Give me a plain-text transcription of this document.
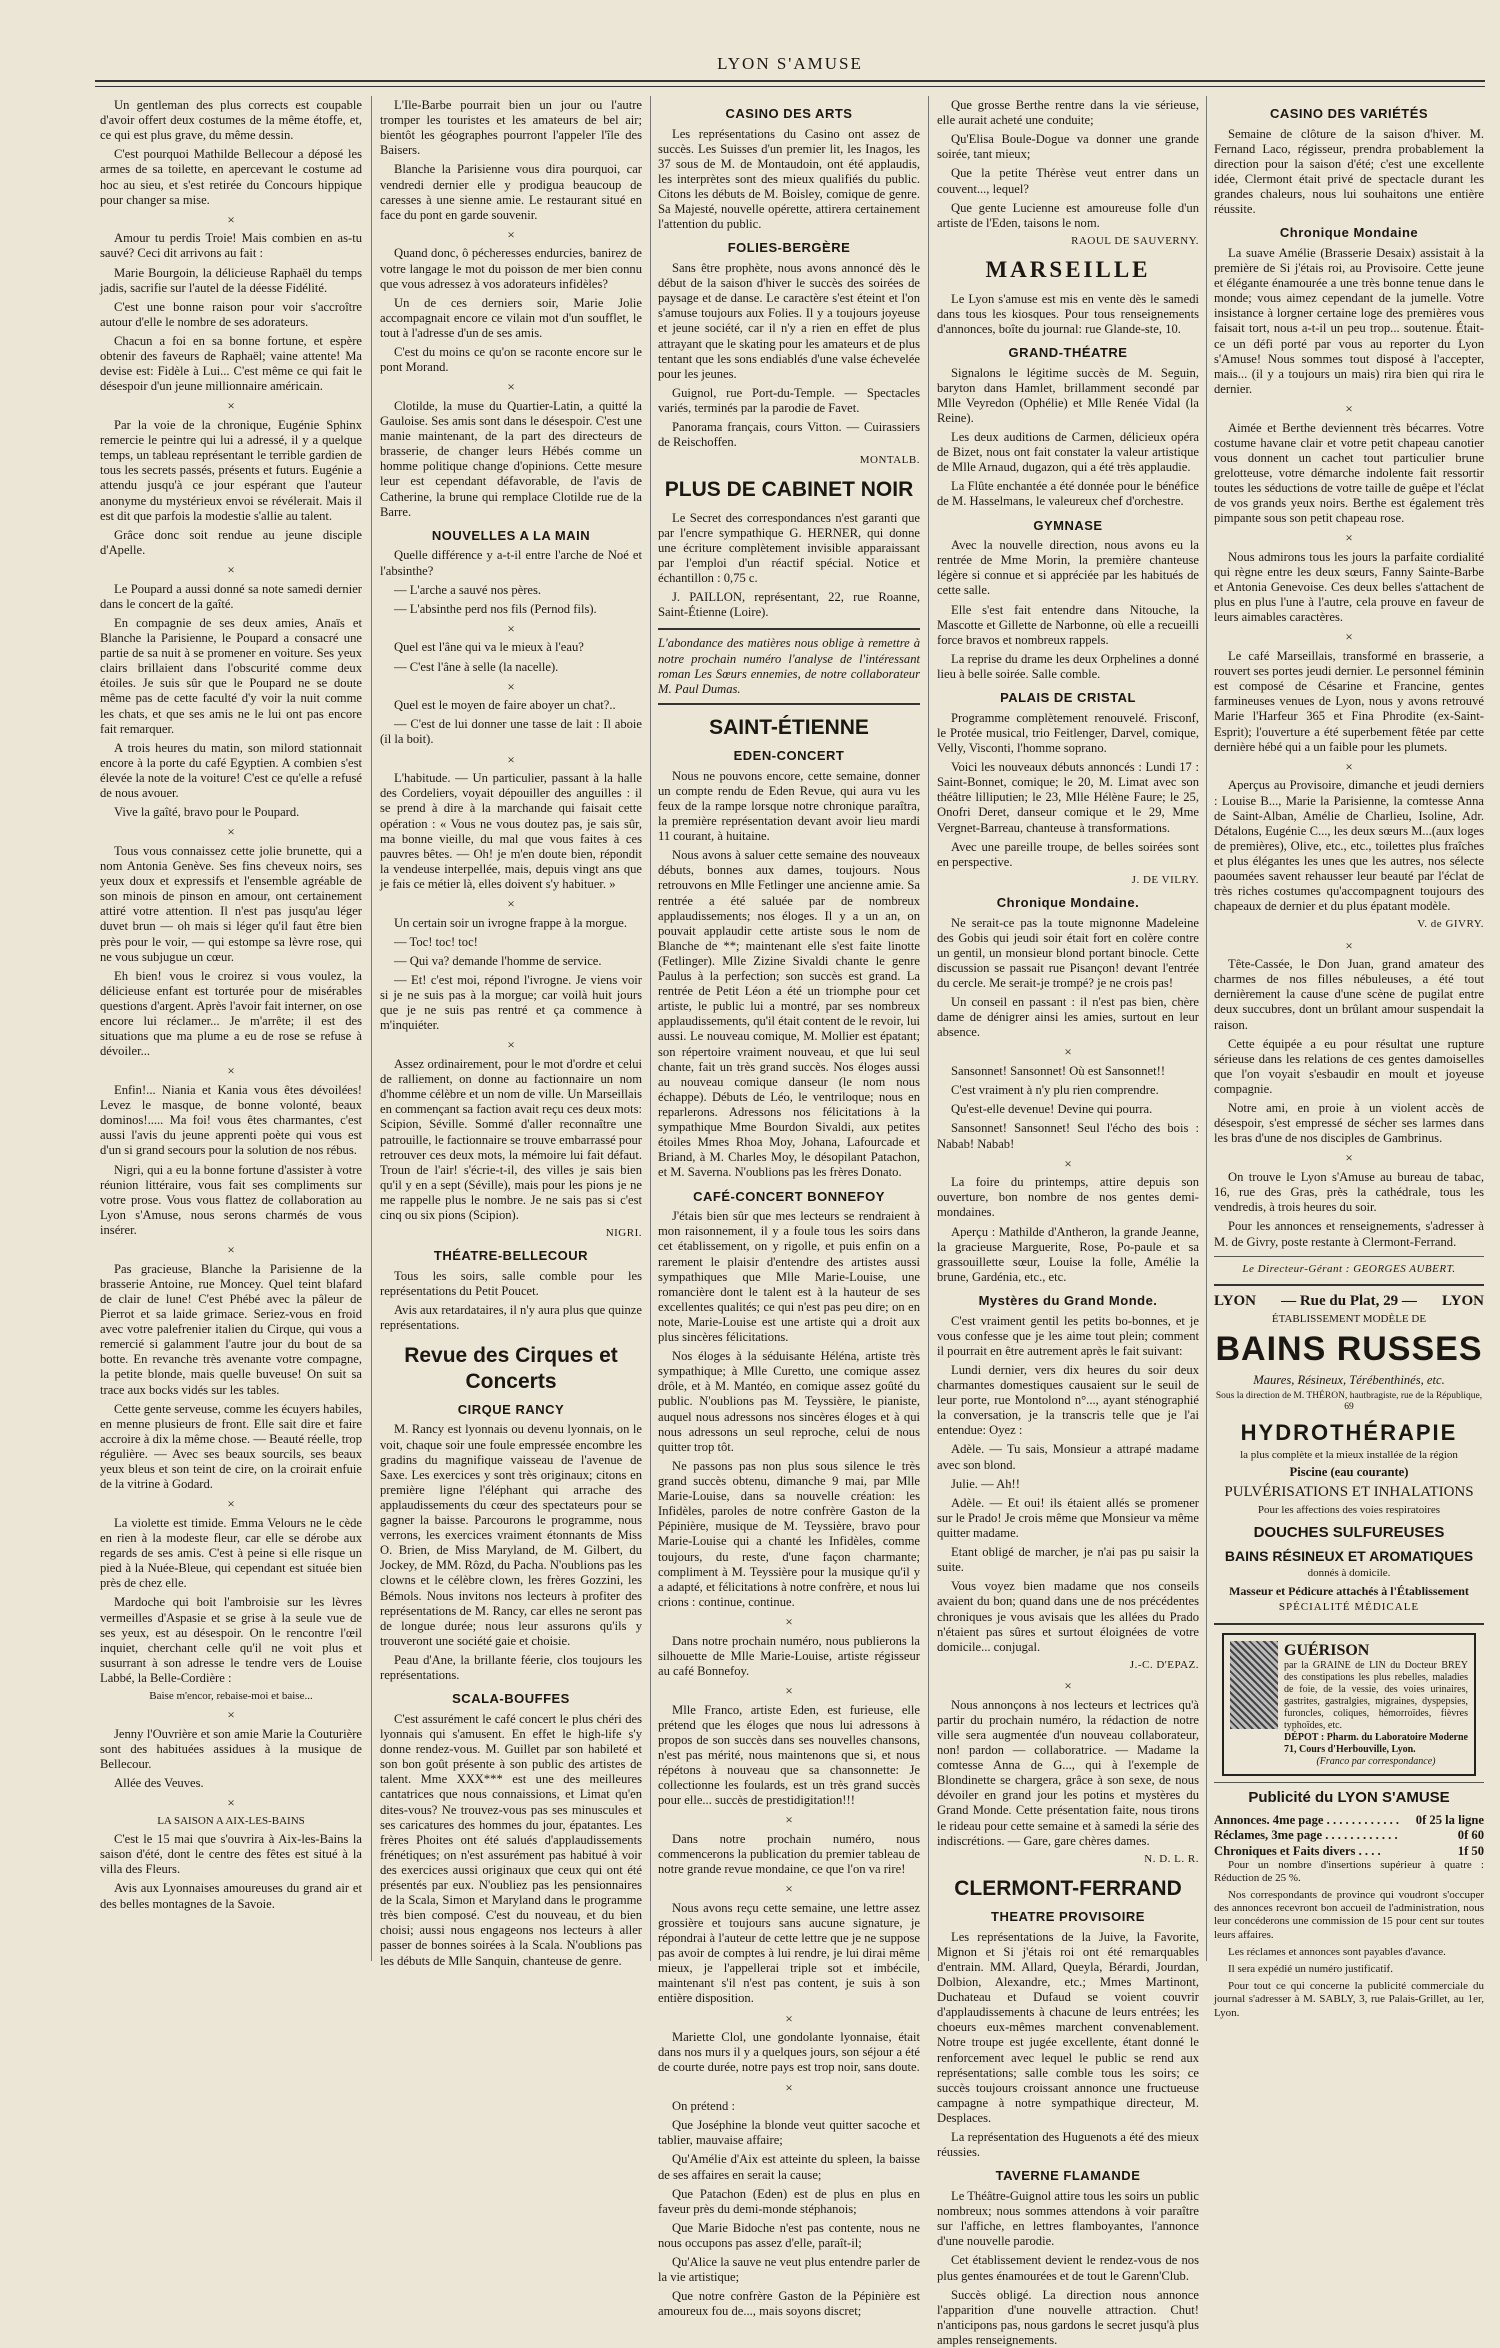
LYON S'AMUSE

Un gentleman des plus corrects est coupable d'avoir offert deux costumes de la même étoffe, et, ce qui est plus grave, du même dessin.

C'est pourquoi Mathilde Bellecour a déposé les armes de sa toilette, en apercevant le costume ad hoc au sieu, et s'est retirée du Concours hippique pour changer sa mise.

×

Amour tu perdis Troie! Mais combien en as-tu sauvé? Ceci dit arrivons au fait :

Marie Bourgoin, la délicieuse Raphaël du temps jadis, sacrifie sur l'autel de la déesse Fidélité.

C'est une bonne raison pour voir s'accroître autour d'elle le nombre de ses adorateurs.

Chacun a foi en sa bonne fortune, et espère obtenir des faveurs de Raphaël; vaine attente! Ma devise est: Fidèle à Lui... C'est même ce qui fait le désespoir d'un jeune millionnaire américain.

×

Par la voie de la chronique, Eugénie Sphinx remercie le peintre qui lui a adressé, il y a quelque temps, un tableau représentant le terrible gardien de tous les secrets passés, présents et futurs. Eugénie a attendu jusqu'à ce jour espérant que l'auteur anonyme du mystérieux envoi se révélerait. Mais il est dit que parfois la modestie s'allie au talent.

Grâce donc soit rendue au jeune disciple d'Apelle.

×

Le Poupard a aussi donné sa note samedi dernier dans le concert de la gaîté.

En compagnie de ses deux amies, Anaïs et Blanche la Parisienne, le Poupard a consacré une partie de sa nuit à se promener en voiture. Ses yeux clairs brillaient dans l'obscurité comme deux étoiles. Je suis sûr que le Poupard ne se doute même pas de cette faculté d'y voir la nuit comme les chats, et que ses amis ne le lui ont pas encore fait remarquer.

A trois heures du matin, son milord stationnait encore à la porte du café Egyptien. A combien s'est élevée la note de la voiture! C'est ce qu'elle a refusé de nous avouer.

Vive la gaîté, bravo pour le Poupard.

×

Tous vous connaissez cette jolie brunette, qui a nom Antonia Genève. Ses fins cheveux noirs, ses yeux doux et expressifs et l'ensemble agréable de son minois de pinson en amour, ont certainement attiré votre attention. Il n'est pas jusqu'au léger duvet brun — oh mais si léger qu'il faut être bien près pour le voir, — qui estompe sa lèvre rose, qui ne vous subjugue un cœur.

Eh bien! vous le croirez si vous voulez, la délicieuse enfant est torturée pour de misérables questions d'argent. Après l'avoir fait interner, on ose encore lui réclamer... Je m'arrête; il est des situations que ma plume a eu de rose se refuse à dévoiler...

×

Enfin!... Niania et Kania vous êtes dévoilées! Levez le masque, de bonne volonté, beaux dominos!..... Ma foi! vous êtes charmantes, c'est aussi l'avis du jeune apprenti poète qui vous est d'un si grand secours pour la solution de nos rébus.

Nigri, qui a eu la bonne fortune d'assister à votre réunion littéraire, vous fait ses compliments sur votre prose. Vous vous flattez de collaboration au Lyon s'Amuse, nous serons charmés de vous insérer.

×

Pas gracieuse, Blanche la Parisienne de la brasserie Antoine, rue Moncey. Quel teint blafard de clair de lune! C'est Phébé avec la pâleur de Pierrot et sa laide grimace. Seriez-vous en froid avec votre palefrenier italien du Cirque, qui vous a remercié si galamment l'autre jour du bout de sa botte. En revanche très avenante votre compagne, la petite blonde, mais quelle buveuse! On suit sa trace aux bocks vidés sur les tables.

Cette gente serveuse, comme les écuyers habiles, en menne plusieurs de front. Elle sait dire et faire accroire à dix la même chose. — Beauté réelle, trop régulière. — Avec ses beaux sourcils, ses beaux yeux bleus et son teint de cire, on la croirait enfuie de la vitrine à Godard.

×

La violette est timide. Emma Velours ne le cède en rien à la modeste fleur, car elle se dérobe aux regards de ses amis. C'est à peine si elle risque un pied à la Nuée-Bleue, qui cependant est située bien près de chez elle.

Mardoche qui boit l'ambroisie sur les lèvres vermeilles d'Aspasie et se grise à la seule vue de ses yeux, est au désespoir. On le rencontre l'œil inquiet, cherchant celle qu'il ne voit plus et susurrant à son adresse le tendre vers de Louise Labbé, la Belle-Cordière :

Baise m'encor, rebaise-moi et baise...
×

Jenny l'Ouvrière et son amie Marie la Couturière sont des habituées assidues à la musique de Bellecour.

Allée des Veuves.

×
LA SAISON A AIX-LES-BAINS

C'est le 15 mai que s'ouvrira à Aix-les-Bains la saison d'été, dont le centre des fêtes est situé à la villa des Fleurs.

Avis aux Lyonnaises amoureuses du grand air et des belles montagnes de la Savoie.

L'Ile-Barbe pourrait bien un jour ou l'autre tromper les touristes et les amateurs de bel air; bientôt les géographes pourront l'appeler l'île des Baisers.

Blanche la Parisienne vous dira pourquoi, car vendredi dernier elle y prodigua beaucoup de caresses à une sienne amie. Le restaurant situé en face du pont en garde souvenir.

×

Quand donc, ô pécheresses endurcies, banirez de votre langage le mot du poisson de mer bien connu que vous adressez à vos adorateurs infidèles?

Un de ces derniers soir, Marie Jolie accompagnait encore ce vilain mot d'un soufflet, le tout à l'adresse d'un de ses amis.

C'est du moins ce qu'on se raconte encore sur le pont Morand.

×

Clotilde, la muse du Quartier-Latin, a quitté la Gauloise. Ses amis sont dans le désespoir. C'est une manie maintenant, de la part des directeurs de brasserie, de changer leurs Hébés comme un homme politique change d'opinions. Cette mesure leur est cependant défavorable, de l'avis de Catherine, la brune qui remplace Clotilde rue de la Barre.

NOUVELLES A LA MAIN

Quelle différence y a-t-il entre l'arche de Noé et l'absinthe?

— L'arche a sauvé nos pères.

— L'absinthe perd nos fils (Pernod fils).

×

Quel est l'âne qui va le mieux à l'eau?

— C'est l'âne à selle (la nacelle).

×

Quel est le moyen de faire aboyer un chat?..

— C'est de lui donner une tasse de lait : Il aboie (il la boit).

×

L'habitude. — Un particulier, passant à la halle des Cordeliers, voyait dépouiller des anguilles : il se prend à dire à la marchande qui faisait cette opération : « Vous ne vous doutez pas, je sais sûr, ma bonne vieille, du mal que vous faites à ces pauvres bêtes. — Oh! je m'en doute bien, répondit la vendeuse interpellée, mais, depuis vingt ans que je fais ce métier là, elles doivent s'y habituer. »

×

Un certain soir un ivrogne frappe à la morgue.

— Toc! toc! toc!

— Qui va? demande l'homme de service.

— Et! c'est moi, répond l'ivrogne. Je viens voir si je ne suis pas à la morgue; car voilà huit jours que je ne suis pas rentré et ça commence à m'inquiéter.

×

Assez ordinairement, pour le mot d'ordre et celui de ralliement, on donne au factionnaire un nom d'homme célèbre et un nom de ville. Un Marseillais en commençant sa faction avait reçu ces deux mots: Scipion, Séville. Sommé d'aller reconnaître une patrouille, le factionnaire se trouve embarrassé pour retrouver ces deux mots, la mémoire lui fait défaut. Troun de l'air! s'écrie-t-il, des villes je sais bien qu'il y en a sept (Séville), mais pour les pions je ne me rappelle plus le nombre. Je ne sais pas si c'est cinq ou six pions (Scipion).

NIGRI.
THÉATRE-BELLECOUR

Tous les soirs, salle comble pour les représentations du Petit Poucet.

Avis aux retardataires, il n'y aura plus que quinze représentations.

Revue des Cirques et Concerts
CIRQUE RANCY

M. Rancy est lyonnais ou devenu lyonnais, on le voit, chaque soir une foule empressée encombre les gradins du magnifique vaisseau de l'avenue de Saxe. Les exercices y sont très originaux; citons en première ligne l'éléphant qui arrache des applaudissements du cœur des spectateurs pour se gagner la baisse. Parcourons le programme, nous verrons, les exercices vraiment étonnants de Miss O. Brien, de Miss Maryland, de M. Gilbert, du Jockey, de MM. Rôzd, du Pacha. N'oublions pas les clowns et le célèbre clown, les frères Gozzini, les Bémols. Nous invitons nos lecteurs à profiter des représentations de M. Rancy, car elles ne seront pas de longue durée; nous leur assurons qu'ils y trouveront une société gaie et choisie.

Peau d'Ane, la brillante féerie, clos toujours les représentations.

SCALA-BOUFFES

C'est assurément le café concert le plus chéri des lyonnais qui s'amusent. En effet le high-life s'y donne rendez-vous. M. Guillet par son habileté et son bon goût présente à son public des artistes de talent. Mme XXX*** est une des meilleures cantatrices que nous connaissions, et Limat qu'en dites-vous? Ne trouvez-vous pas ses minuscules et ses caricatures des hommes du jour, épatantes. Les frères Phoites ont été salués d'applaudissements frénétiques; on n'est assurément pas habitué à voir des exercices aussi originaux que ceux qui ont été présentés par eux. N'oubliez pas les pensionnaires de la Scala, Simon et Maryland dans le programme très bien composé. C'est du nouveau, et du bien choisi; aussi nous engageons nos lecteurs à aller passer de bonnes soirées à la Scala. N'oublions pas les débuts de Mlle Sanquin, chanteuse de genre.

CASINO DES ARTS

Les représentations du Casino ont assez de succès. Les Suisses d'un premier lit, les Inagos, les 37 sous de M. de Montaudoin, ont été applaudis, les interprètes sont des mieux qualifiés du public. Citons les débuts de M. Boisley, comique de genre. Sa Majesté, nouvelle opérette, attirera certainement l'attention du public.

FOLIES-BERGÈRE

Sans être prophète, nous avons annoncé dès le début de la saison d'hiver le succès des soirées de paysage et de danse. Le caractère s'est éteint et l'on s'amuse toujours aux Folies. Il y a toujours joyeuse et jeune société, car il n'y a rien en effet de plus attrayant que le skating pour les amateurs et de plus tentant que les sons endiablés d'une valse échevelée pour les jeunes.

Guignol, rue Port-du-Temple. — Spectacles variés, terminés par la parodie de Favet.

Panorama français, cours Vitton. — Cuirassiers de Reischoffen.

MONTALB.
PLUS DE CABINET NOIR

Le Secret des correspondances n'est garanti que par l'encre sympathique G. HERNER, qui donne une écriture complètement invisible apparaissant par l'emploi d'un réactif spécial. Notice et échantillon : 0,75 c.

J. PAILLON, représentant, 22, rue Roanne, Saint-Étienne (Loire).

L'abondance des matières nous oblige à remettre à notre prochain numéro l'analyse de l'intéressant roman Les Sœurs ennemies, de notre collaborateur M. Paul Dumas.
SAINT-ÉTIENNE
EDEN-CONCERT

Nous ne pouvons encore, cette semaine, donner un compte rendu de Eden Revue, qui aura vu les feux de la rampe lorsque notre chronique paraîtra, la première représentation devant avoir lieu mardi 11 courant, à huitaine.

Nous avons à saluer cette semaine des nouveaux débuts, bonnes aux dames, toujours. Nous retrouvons en Mlle Fetlinger une ancienne amie. Sa rentrée a été saluée par de nombreux applaudissements; nos éloges. Il y a un an, on pouvait applaudir cette artiste sous le nom de Blanche de **; maintenant elle s'est faite linotte (Fetlinger). Mlle Zizine Sivaldi chante le genre Paulus à la perfection; son succès est grand. La rentrée de Petit Léon a été un triomphe pour cet artiste, le public lui a montré, par ses nombreux applaudissements, qu'il était content de le revoir, lui aussi. Le nouveau comique, M. Mollier est épatant; son répertoire vraiment nouveau, et que lui seul chante, fait un très grand succès. Nos éloges aussi au nouveau comique danseur (le nom nous échappe). Débuts de Léo, le ventriloque; nous en reparlerons. Adressons nos félicitations à la sympathique Mme Bourdon Sivaldi, aux petites étoiles Mmes Rhoa Moy, Johana, Lafourcade et Briand, à M. Charles Moy, le désopilant Patachon, et M. Saverna. N'oublions pas les frères Donato.

CAFÉ-CONCERT BONNEFOY

J'étais bien sûr que mes lecteurs se rendraient à mon raisonnement, il y a foule tous les soirs dans cet établissement, on y rigolle, et puis enfin on a rarement le plaisir d'entendre des artistes aussi sympathiques que Mlle Marie-Louise, une romancière dont le talent est à la hauteur de ses excellentes qualités; ce qui n'est pas peu dire; on en note, Marie-Louise est une artiste qui a droit aux plus sincères félicitations.

Nos éloges à la séduisante Héléna, artiste très sympathique; à Mlle Curetto, une comique assez drôle, et à M. Mantéo, en comique assez goûté du public. N'oublions pas M. Teyssière, le pianiste, auquel nous adressons nos sincères éloges et à qui nous adressons un seul reproche, celui de nous quitter trop tôt.

Ne passons pas non plus sous silence le très grand succès obtenu, dimanche 9 mai, par Mlle Marie-Louise, dans sa nouvelle création: les Infidèles, paroles de notre confrère Gaston de la Pépinière, musique de M. Teyssière, bravo pour Marie-Louise qui a chanté les Infidèles, comme toujours, du reste, d'une façon charmante; compliment à M. Teyssière pour la musique qu'il y a adapté, et félicitations à notre confrère, et nous lui crions : continue, continue.

×

Dans notre prochain numéro, nous publierons la silhouette de Mlle Marie-Louise, artiste régisseur au café Bonnefoy.

×

Mlle Franco, artiste Eden, est furieuse, elle prétend que les éloges que nous lui adressons à propos de son succès dans ses nouvelles chansons, n'est pas mérité, nous maintenons que si, et nous répétons à nouveau que sa chansonnette: Je collectionne les foulards, est un très grand succès pour elle... succès de prestidigitation!!!

×

Dans notre prochain numéro, nous commencerons la publication du premier tableau de notre grande revue mondaine, ce que l'on va rire!

×

Nous avons reçu cette semaine, une lettre assez grossière et toujours sans aucune signature, je répondrai à l'auteur de cette lettre que je ne suppose pas avoir de comptes à lui rendre, je lui dirai même mieux, je l'appellerai triple sot et imbécile, maintenant s'il n'est pas content, je suis à son entière disposition.

×

Mariette Clol, une gondolante lyonnaise, était dans nos murs il y a quelques jours, son séjour a été de courte durée, notre pays est trop noir, sans doute.

×

On prétend :

Que Joséphine la blonde veut quitter sacoche et tablier, mauvaise affaire;

Qu'Amélie d'Aix est atteinte du spleen, la baisse de ses affaires en serait la cause;

Que Patachon (Eden) est de plus en plus en faveur près du demi-monde stéphanois;

Que Marie Bidoche n'est pas contente, nous ne nous occupons pas assez d'elle, paraît-il;

Qu'Alice la sauve ne veut plus entendre parler de la vie artistique;

Que notre confrère Gaston de la Pépinière est amoureux fou de..., mais soyons discret;

Que grosse Berthe rentre dans la vie sérieuse, elle aurait acheté une conduite;

Qu'Elisa Boule-Dogue va donner une grande soirée, tant mieux;

Que la petite Thérèse veut entrer dans un couvent..., lequel?

Que gente Lucienne est amoureuse folle d'un artiste de l'Eden, taisons le nom.

RAOUL DE SAUVERNY.
MARSEILLE

Le Lyon s'amuse est mis en vente dès le samedi dans tous les kiosques. Pour tous renseignements d'annonces, boîte du journal: rue Glande-ste, 10.

GRAND-THÉATRE

Signalons le légitime succès de M. Seguin, baryton dans Hamlet, brillamment secondé par Mlle Veyredon (Ophélie) et Mlle Renée Vidal (la Reine).

Les deux auditions de Carmen, délicieux opéra de Bizet, nous ont fait constater la valeur artistique de Mlle Arnaud, dugazon, qui a été très applaudie.

La Flûte enchantée a été donnée pour le bénéfice de M. Hasselmans, le valeureux chef d'orchestre.

GYMNASE

Avec la nouvelle direction, nous avons eu la rentrée de Mme Morin, la première chanteuse légère si connue et si appréciée par les habitués de cette salle.

Elle s'est fait entendre dans Nitouche, la Mascotte et Gillette de Narbonne, où elle a recueilli force bravos et nombreux rappels.

La reprise du drame les deux Orphelines a donné lieu à belle soirée. Salle comble.

PALAIS DE CRISTAL

Programme complètement renouvelé. Frisconf, le Protée musical, trio Feitlenger, Darvel, comique, Velly, Visconti, l'homme soprano.

Voici les nouveaux débuts annoncés : Lundi 17 : Saint-Bonnet, comique; le 20, M. Limat avec son théâtre lilliputien; le 23, Mlle Hélène Faure; le 25, Onofri Deret, danseur comique et le 29, Mme Vergnet-Barreau, chanteuse à transformations.

Avec une pareille troupe, de belles soirées sont en perspective.

J. DE VILRY.
Chronique Mondaine.

Ne serait-ce pas la toute mignonne Madeleine des Gobis qui jeudi soir était fort en colère contre un gentil, un monsieur blond portant binocle. Cette discussion se passait rue Pisançon! devant l'entrée du cercle. Me serait-je trompé? je ne crois pas!

Un conseil en passant : il n'est pas bien, chère dame de dénigrer ainsi les amies, surtout en leur absence.

×

Sansonnet! Sansonnet! Où est Sansonnet!!

C'est vraiment à n'y plu rien comprendre.

Qu'est-elle devenue! Devine qui pourra.

Sansonnet! Sansonnet! Seul l'écho des bois : Nabab! Nabab!

×

La foire du printemps, attire depuis son ouverture, bon nombre de nos gentes demi-mondaines.

Aperçu : Mathilde d'Antheron, la grande Jeanne, la gracieuse Marguerite, Rose, Po-paule et sa grassouillette sœur, Louise la folle, Amélie la brune, Gardénia, etc., etc.

Mystères du Grand Monde.

C'est vraiment gentil les petits bo-bonnes, et je vous confesse que je les aime tout plein; comment il pourrait en être autrement après le fait suivant:

Lundi dernier, vers dix heures du soir deux charmantes domestiques causaient sur le seuil de leur porte, rue Montolond n°..., ayant sténographié la conversation, je la transcris telle que je l'ai entendue: Oyez :

Adèle. — Tu sais, Monsieur a attrapé madame avec son blond.

Julie. — Ah!!

Adèle. — Et oui! ils étaient allés se promener sur le Prado! Je crois même que Monsieur va même quitter madame.

Etant obligé de marcher, je n'ai pas pu saisir la suite.

Vous voyez bien madame que nos conseils avaient du bon; quand dans une de nos précédentes chroniques je vous avisais que les allées du Prado n'étaient pas sûres et surtout éloignées de votre domicile... conjugal.

J.-C. D'EPAZ.
×

Nous annonçons à nos lecteurs et lectrices qu'à partir du prochain numéro, la rédaction de notre ville sera augmentée d'un nouveau collaborateur, non! pardon — collaboratrice. — Madame la comtesse Anna de G..., qui à l'exemple de Blondinette se chargera, grâce à son sexe, de nous dévoiler en grand jour les potins et mystères du Grand Monde. Cette présentation faite, nous tirons le rideau pour cette semaine et à samedi la série des indiscrétions. — Gare, gare chères dames.

N. D. L. R.
CLERMONT-FERRAND
THEATRE PROVISOIRE

Les représentations de la Juive, la Favorite, Mignon et Si j'étais roi ont été remarquables d'entrain. MM. Allard, Queyla, Bérardi, Jourdan, Dolbion, Alexandre, etc.; Mmes Martinont, Duchateau et Dufaud se voient couvrir d'applaudissements à chacune de leurs entrées; les choeurs eux-mêmes marchent convenablement. Notre troupe est jugée excellente, étant donné le renforcement avec lequel le public se rend aux représentations; salle comble tous les soirs; ce succès toujours croissant annonce une fructueuse campagne à notre sympathique directeur, M. Desplaces.

La représentation des Huguenots a été des mieux réussies.

TAVERNE FLAMANDE

Le Théâtre-Guignol attire tous les soirs un public nombreux; nous sommes attendons à voir paraître sur l'affiche, en lettres flamboyantes, l'annonce d'une nouvelle parodie.

Cet établissement devient le rendez-vous de nos plus gentes énamourées et de tout le Garenn'Club.

Succès obligé. La direction nous annonce l'apparition d'une nouvelle attraction. Chut! n'anticipons pas, nous gardons le secret jusqu'à plus amples renseignements.

CASINO DES VARIÉTÉS

Semaine de clôture de la saison d'hiver. M. Fernand Laco, régisseur, prendra probablement la direction pour la saison d'été; c'est une excellente idée, Clermont était privé de spectacle durant les grandes chaleurs, nous lui souhaitons une entière réussite.

Chronique Mondaine

La suave Amélie (Brasserie Desaix) assistait à la première de Si j'étais roi, au Provisoire. Cette jeune et élégante énamourée a une très bonne tenue dans le monde; vous aimez cependant de la jumelle. Votre insistance à lorgner certaine loge des premières vous faisait tort, nous a-t-il un peu trop... soutenue. Était-ce un défi porté par vous au reporter du Lyon s'Amuse! Nous sommes tout disposé à l'accepter, mais... (il y a toujours un mais) rira bien qui rira le dernier.

×

Aimée et Berthe deviennent très bécarres. Votre costume havane clair et votre petit chapeau canotier vous donnent un cachet tout particulier brune grelotteuse, votre démarche indolente fait ressortir toutes les séductions de votre taille de guêpe et l'éclat de vos grands yeux noirs. Berthe est également très pimpante sous son petit chapeau rose.

×

Nous admirons tous les jours la parfaite cordialité qui règne entre les deux sœurs, Fanny Sainte-Barbe et Antonia Genevoise. Ces deux belles s'attachent de plus en plus l'une à l'autre, cela prouve en faveur de leurs aimables caractères.

×

Le café Marseillais, transformé en brasserie, a rouvert ses portes jeudi dernier. Le personnel féminin est composé de Césarine et Francine, gentes farmineuses venues de Lyon, nous y avons retrouvé Marie l'Harfeur 365 et Fina Phrodite (ex-Saint-Esprit); l'ouverture a été superbement fêtée par cette dernière hébé qui a un faible pour les plumets.

×

Aperçus au Provisoire, dimanche et jeudi derniers : Louise B..., Marie la Parisienne, la comtesse Anna de Saint-Alban, Amélie de Charlieu, Isoline, Adr. Détalons, Eugénie C..., les deux sœurs M...(aux loges de premières), Olive, etc., etc., toilettes plus fraîches et plus élégantes les unes que les autres, nos sélecte paoumées savent rehausser leur beauté par l'éclat de très riches costumes qu'accompagnent toujours des chapeaux de dernier et du plus épatant modèle.

V. de GIVRY.
×

Tête-Cassée, le Don Juan, grand amateur des charmes de nos filles nébuleuses, a été tout dernièrement la cause d'une scène de pugilat entre deux succubres, dont un brûlant amour suspendait la raison.

Cette équipée a eu pour résultat une rupture sérieuse dans les relations de ces gentes damoiselles que l'on voyait s'esbaudir en moult et joyeuse compagnie.

Notre ami, en proie à un violent accès de désespoir, s'est empressé de sécher ses larmes dans les bras d'une de nos disciples de Gambrinus.

×

On trouve le Lyon s'Amuse au bureau de tabac, 16, rue des Gras, près la cathédrale, tous les vendredis, à trois heures du soir.

Pour les annonces et renseignements, s'adresser à M. de Givry, poste restante à Clermont-Ferrand.

Le Directeur-Gérant : GEORGES AUBERT.
LYON — Rue du Plat, 29 — LYON
ÉTABLISSEMENT MODÈLE DE
BAINS RUSSES
Maures, Résineux, Térébenthinés, etc.
Sous la direction de M. THÉRON, hautbragiste, rue de la République, 69
HYDROTHÉRAPIE
la plus complète et la mieux installée de la région
Piscine (eau courante)
PULVÉRISATIONS ET INHALATIONS
Pour les affections des voies respiratoires
DOUCHES SULFUREUSES
BAINS RÉSINEUX ET AROMATIQUES
donnés à domicile.
Masseur et Pédicure attachés à l'Établissement
SPÉCIALITÉ MÉDICALE
GUÉRISON
par la GRAINE de LIN du Docteur BREY des constipations les plus rebelles, maladies de foie, de la vessie, des voies urinaires, gastrites, gastralgies, migraines, dyspepsies, furoncles, coliques, hémorroïdes, fièvres typhoïdes, etc.
DÉPOT : Pharm. du Laboratoire Moderne 71, Cours d'Herbouville, Lyon.
(Franco par correspondance)
Publicité du LYON S'AMUSE
Annonces. 4me page . . . . . . . . . . . . 0f 25 la ligne
Réclames, 3me page . . . . . . . . . . . .	0f 60
Chroniques et Faits divers . . . .	1f 50

Pour un nombre d'insertions supérieur à quatre : Réduction de 25 %.

Nos correspondants de province qui voudront s'occuper des annonces recevront bon accueil de l'administration, nous leur concéderons une commission de 15 pour cent sur toutes leurs affaires.

Les réclames et annonces sont payables d'avance.

Il sera expédié un numéro justificatif.

Pour tout ce qui concerne la publicité commerciale du journal s'adresser à M. SABLY, 3, rue Palais-Grillet, au 1er, Lyon.
